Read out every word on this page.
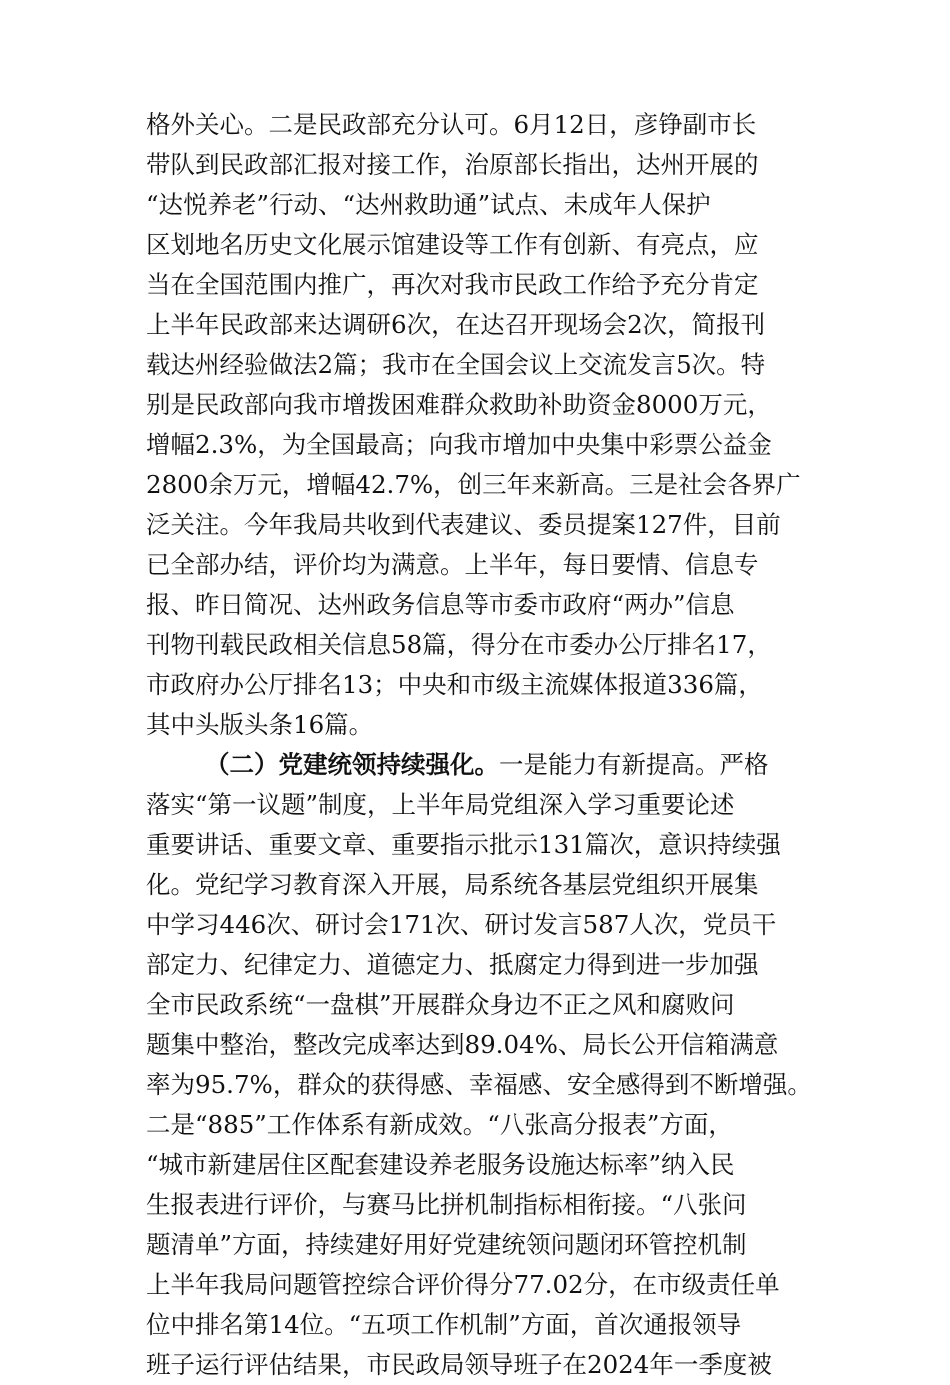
格外关心。二是民政部充分认可。6月12日，彦铮副市长
带队到民政部汇报对接工作，治原部长指出，达州开展的
“达悦养老”行动、“达州救助通”试点、未成年人保护
区划地名历史文化展示馆建设等工作有创新、有亮点，应
当在全国范围内推广，再次对我市民政工作给予充分肯定
上半年民政部来达调研6次，在达召开现场会2次，简报刊
载达州经验做法2篇；我市在全国会议上交流发言5次。特
别是民政部向我市增拨困难群众救助补助资金8000万元，
增幅2.3%，为全国最高；向我市增加中央集中彩票公益金
2800余万元，增幅42.7%，创三年来新高。三是社会各界广
泛关注。今年我局共收到代表建议、委员提案127件，目前
已全部办结，评价均为满意。上半年，每日要情、信息专
报、昨日简况、达州政务信息等市委市政府“两办”信息
刊物刊载民政相关信息58篇，得分在市委办公厅排名17，
市政府办公厅排名13；中央和市级主流媒体报道336篇，
其中头版头条16篇。
（二）党建统领持续强化。一是能力有新提高。严格
落实“第一议题”制度，上半年局党组深入学习重要论述
重要讲话、重要文章、重要指示批示131篇次，意识持续强
化。党纪学习教育深入开展，局系统各基层党组织开展集
中学习446次、研讨会171次、研讨发言587人次，党员干
部定力、纪律定力、道德定力、抵腐定力得到进一步加强
全市民政系统“一盘棋”开展群众身边不正之风和腐败问
题集中整治，整改完成率达到89.04%、局长公开信箱满意
率为95.7%，群众的获得感、幸福感、安全感得到不断增强。
二是“885”工作体系有新成效。“八张高分报表”方面，
“城市新建居住区配套建设养老服务设施达标率”纳入民
生报表进行评价，与赛马比拼机制指标相衔接。“八张问
题清单”方面，持续建好用好党建统领问题闭环管控机制
上半年我局问题管控综合评价得分77.02分，在市级责任单
位中排名第14位。“五项工作机制”方面，首次通报领导
班子运行评估结果，市民政局领导班子在2024年一季度被
